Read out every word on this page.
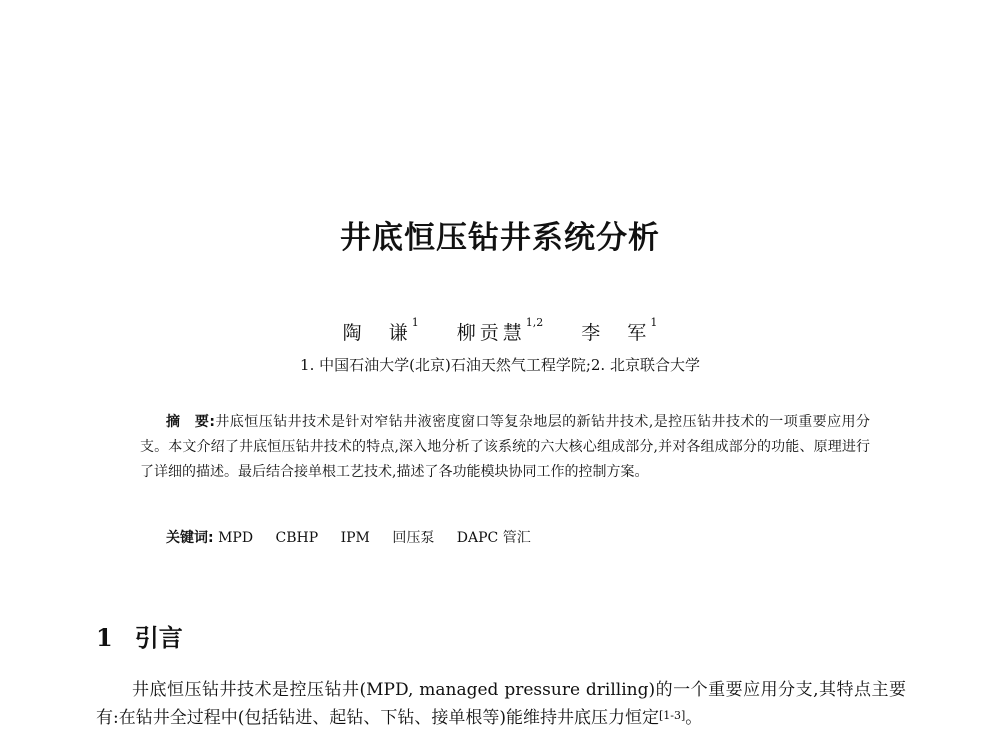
井底恒压钻井系统分析
陶　谦$^1$ 柳贡慧$^{1,2}$ 李　军$^1$
1. 中国石油大学(北京)石油天然气工程学院;2. 北京联合大学
摘　要:井底恒压钻井技术是针对窄钻井液密度窗口等复杂地层的新钻井技术,是控压钻井技术的一项重要应用分支。本文介绍了井底恒压钻井技术的特点,深入地分析了该系统的六大核心组成部分,并对各组成部分的功能、原理进行了详细的描述。最后结合接单根工艺技术,描述了各功能模块协同工作的控制方案。
关键词: MPD CBHP IPM 回压泵 DAPC 管汇
1 引言
井底恒压钻井技术是控压钻井(MPD, managed pressure drilling)的一个重要应用分支,其特点主要有:在钻井全过程中(包括钻进、起钻、下钻、接单根等)能维持井底压力恒定[1-3]。
